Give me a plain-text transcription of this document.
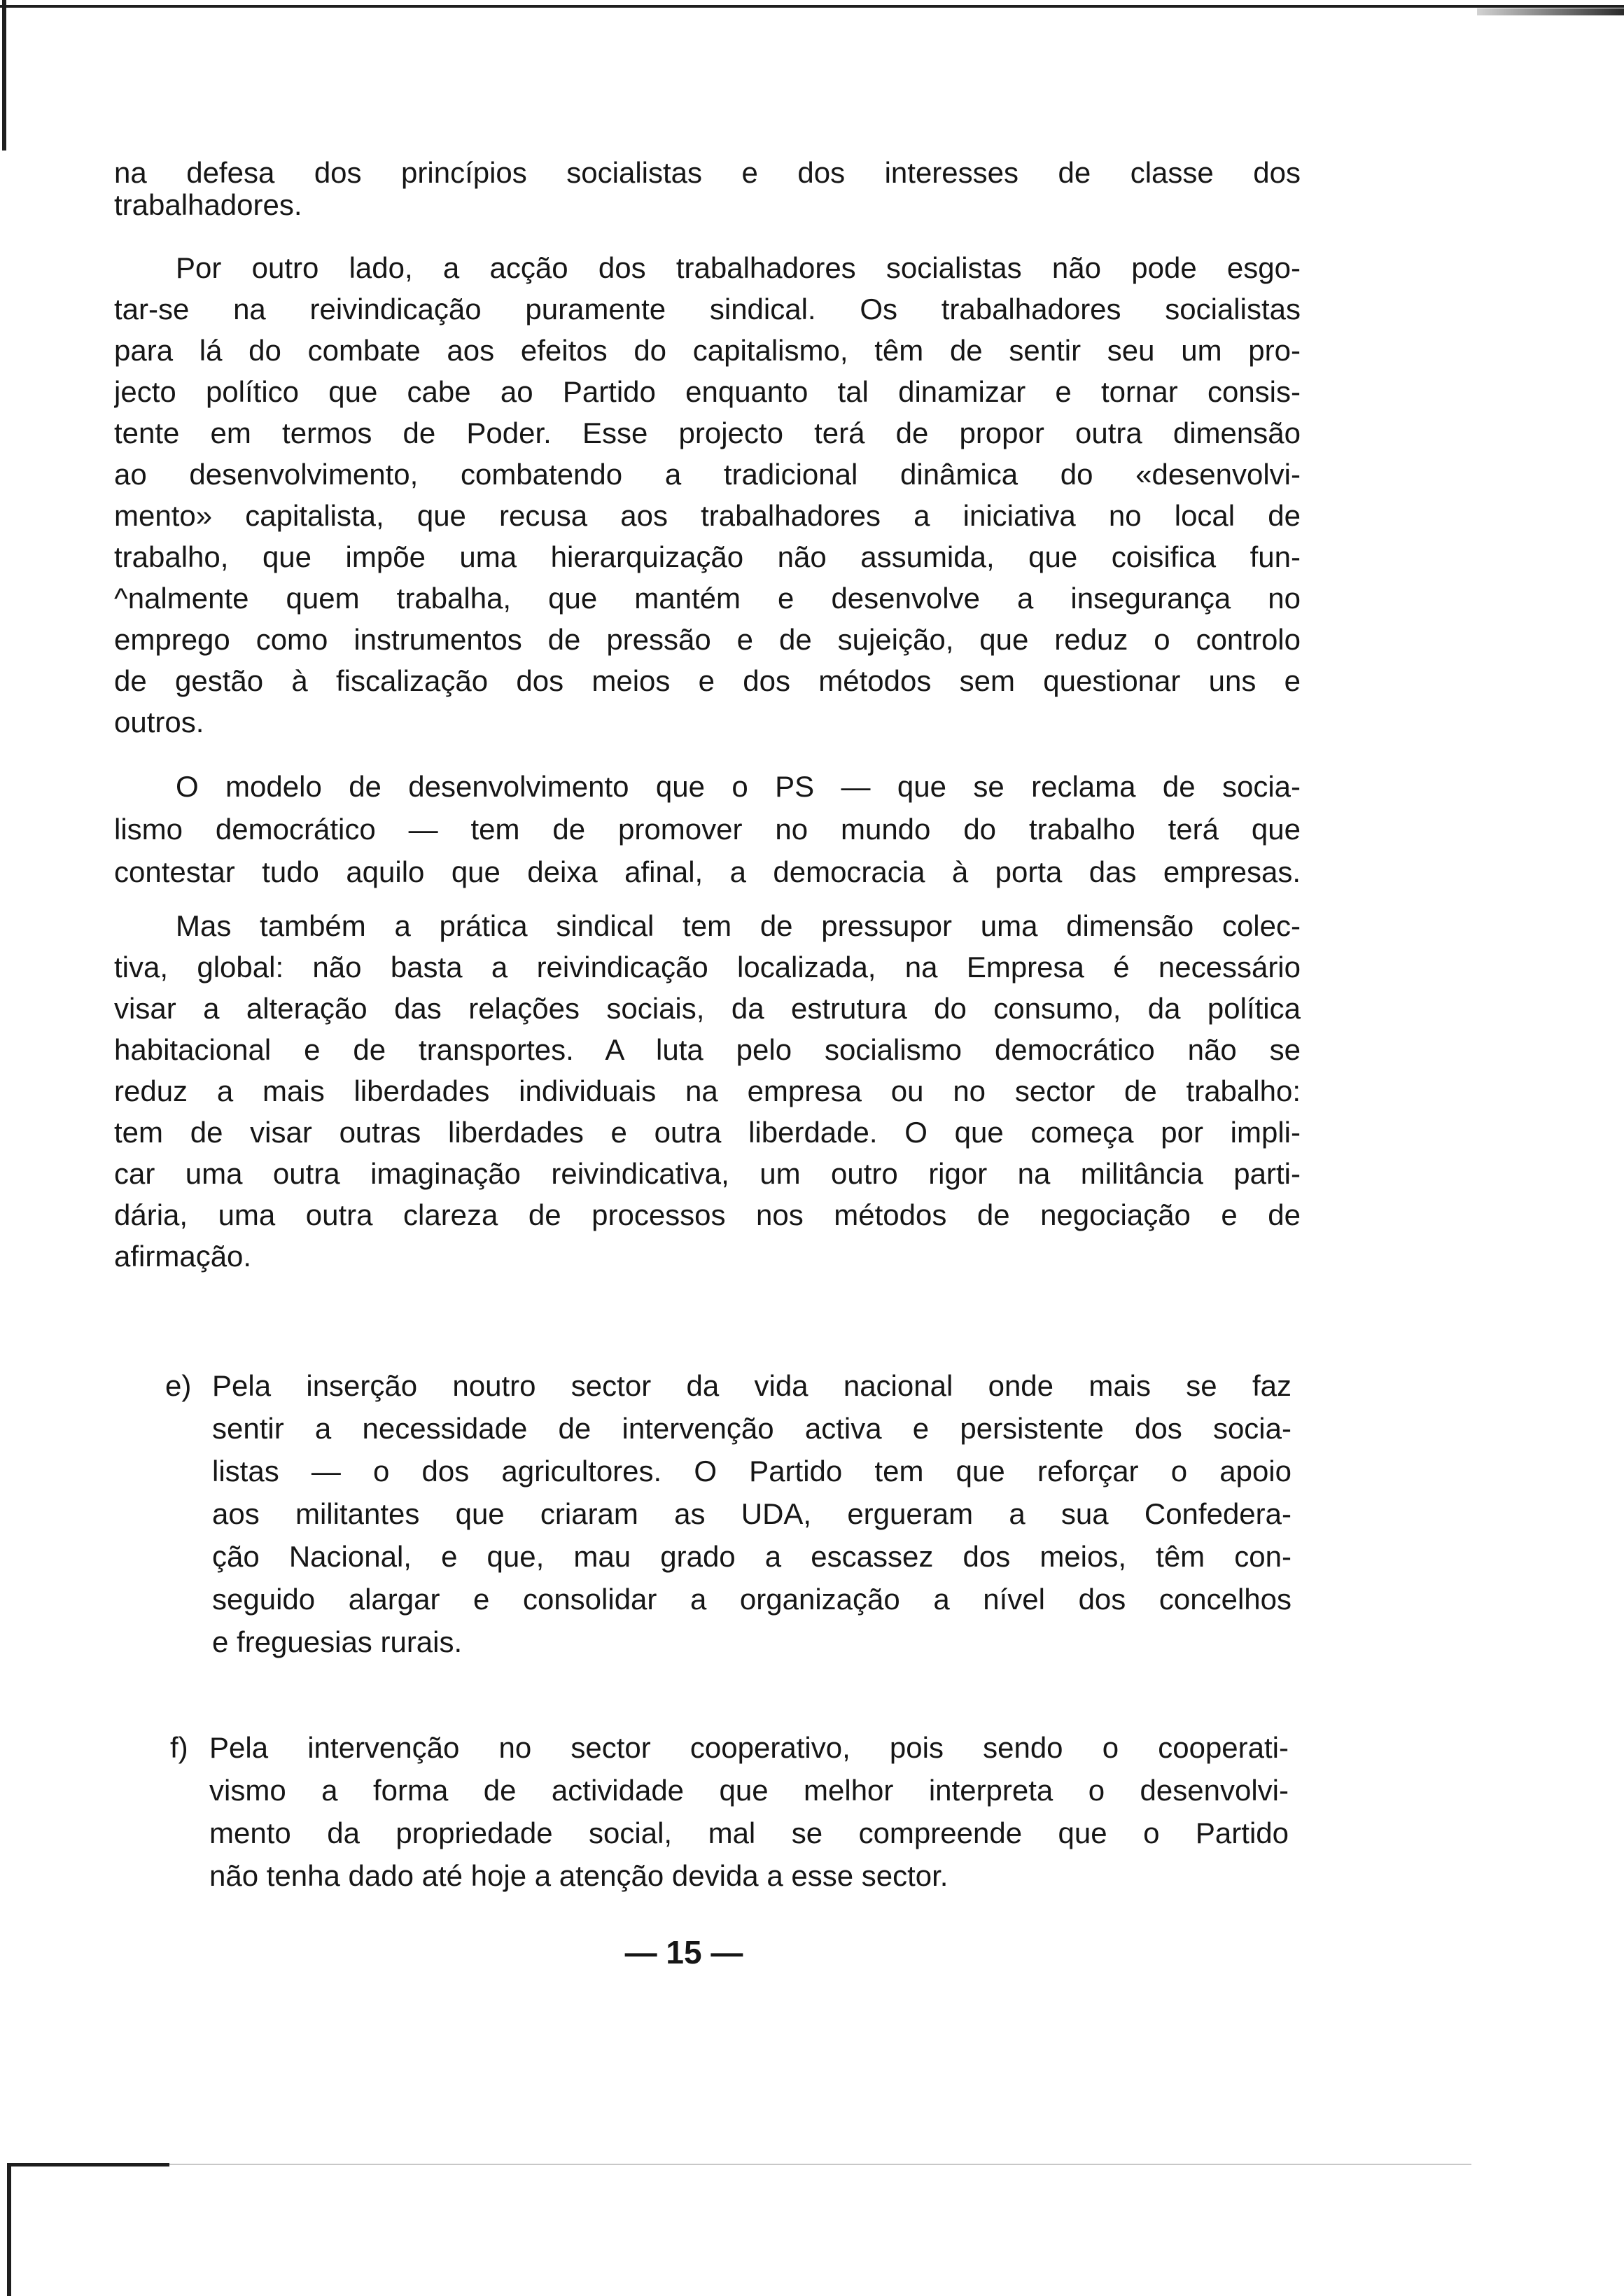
na defesa dos princípios socialistas e dos interesses de classe dos
trabalhadores.
Por outro lado, a acção dos trabalhadores socialistas não pode esgo-
tar-se na reivindicação puramente sindical. Os trabalhadores socialistas
para lá do combate aos efeitos do capitalismo, têm de sentir seu um pro-
jecto político que cabe ao Partido enquanto tal dinamizar e tornar consis-
tente em termos de Poder. Esse projecto terá de propor outra dimensão
ao desenvolvimento, combatendo a tradicional dinâmica do «desenvolvi-
mento» capitalista, que recusa aos trabalhadores a iniciativa no local de
trabalho, que impõe uma hierarquização não assumida, que coisifica fun-
^nalmente quem trabalha, que mantém e desenvolve a insegurança no
emprego como instrumentos de pressão e de sujeição, que reduz o controlo
de gestão à fiscalização dos meios e dos métodos sem questionar uns e
outros.
O modelo de desenvolvimento que o PS — que se reclama de socia-
lismo democrático — tem de promover no mundo do trabalho terá que
contestar tudo aquilo que deixa afinal, a democracia à porta das empresas.
Mas também a prática sindical tem de pressupor uma dimensão colec-
tiva, global: não basta a reivindicação localizada, na Empresa é necessário
visar a alteração das relações sociais, da estrutura do consumo, da política
habitacional e de transportes. A luta pelo socialismo democrático não se
reduz a mais liberdades individuais na empresa ou no sector de trabalho:
tem de visar outras liberdades e outra liberdade. O que começa por impli-
car uma outra imaginação reivindicativa, um outro rigor na militância parti-
dária, uma outra clareza de processos nos métodos de negociação e de
afirmação.
e) Pela inserção noutro sector da vida nacional onde mais se faz
sentir a necessidade de intervenção activa e persistente dos socia-
listas — o dos agricultores. O Partido tem que reforçar o apoio
aos militantes que criaram as UDA, ergueram a sua Confedera-
ção Nacional, e que, mau grado a escassez dos meios, têm con-
seguido alargar e consolidar a organização a nível dos concelhos
e freguesias rurais.
f) Pela intervenção no sector cooperativo, pois sendo o cooperati-
vismo a forma de actividade que melhor interpreta o desenvolvi-
mento da propriedade social, mal se compreende que o Partido
não tenha dado até hoje a atenção devida a esse sector.
— 15 —
